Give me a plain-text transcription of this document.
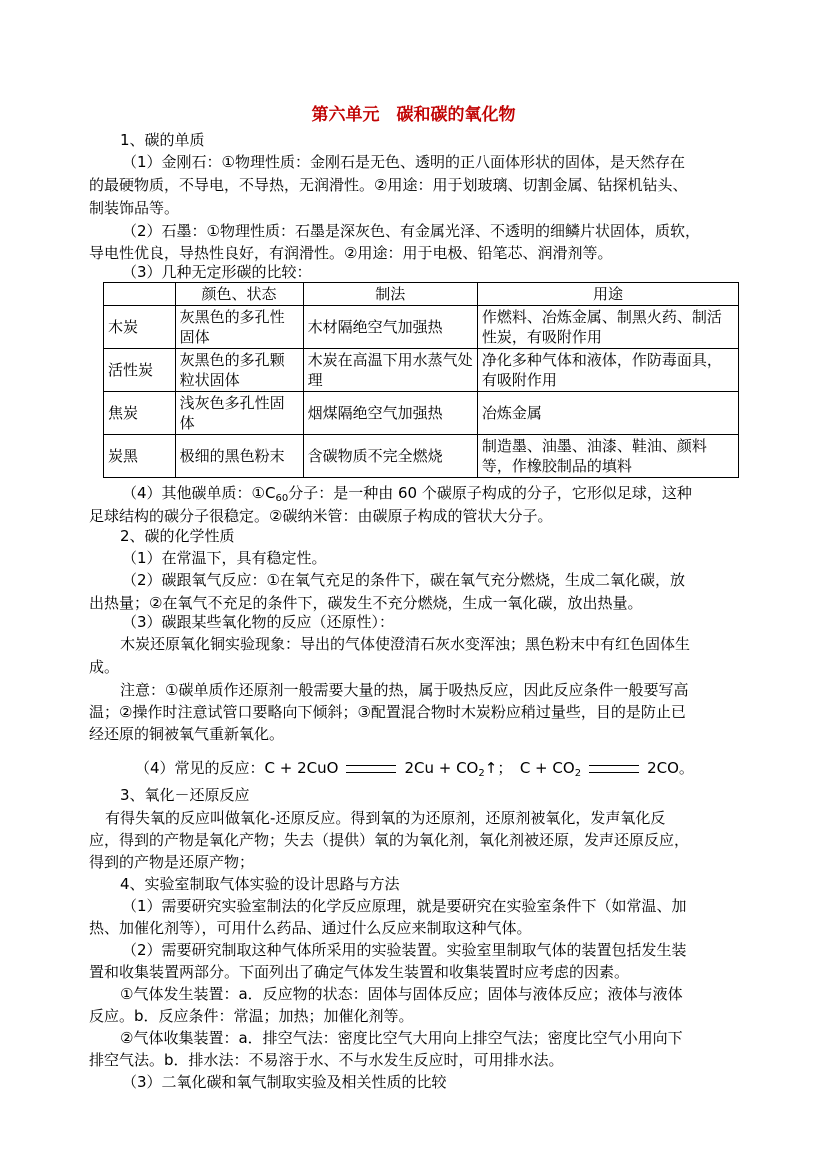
第六单元　碳和碳的氧化物
1、碳的单质
（1）金刚石：①物理性质：金刚石是无色、透明的正八面体形状的固体，是天然存在
的最硬物质，不导电，不导热，无润滑性。②用途：用于划玻璃、切割金属、钻探机钻头、
制装饰品等。
（2）石墨：①物理性质：石墨是深灰色、有金属光泽、不透明的细鳞片状固体，质软，
导电性优良，导热性良好，有润滑性。②用途：用于电极、铅笔芯、润滑剂等。
（3）几种无定形碳的比较：
	颜色、状态	制法	用途
木炭	灰黑色的多孔性固体	木材隔绝空气加强热	作燃料、冶炼金属、制黑火药、制活性炭，有吸附作用
活性炭	灰黑色的多孔颗粒状固体	木炭在高温下用水蒸气处理	净化多种气体和液体，作防毒面具，有吸附作用
焦炭	浅灰色多孔性固体	烟煤隔绝空气加强热	冶炼金属
炭黑	极细的黑色粉末	含碳物质不完全燃烧	制造墨、油墨、油漆、鞋油、颜料等，作橡胶制品的填料
（4）其他碳单质：$①C_{60}$分子：是一种由 60 个碳原子构成的分子，它形似足球，这种
足球结构的碳分子很稳定。②碳纳米管：由碳原子构成的管状大分子。
2、碳的化学性质
（1）在常温下，具有稳定性。
（2）碳跟氧气反应：①在氧气充足的条件下，碳在氧气充分燃烧，生成二氧化碳，放
出热量；②在氧气不充足的条件下，碳发生不充分燃烧，生成一氧化碳，放出热量。
（3）碳跟某些氧化物的反应（还原性）：
木炭还原氧化铜实验现象：导出的气体使澄清石灰水变浑浊；黑色粉末中有红色固体生
成。
注意：①碳单质作还原剂一般需要大量的热，属于吸热反应，因此反应条件一般要写高
温；②操作时注意试管口要略向下倾斜；③配置混合物时木炭粉应稍过量些，目的是防止已
经还原的铜被氧气重新氧化。
（4）常见的反应：C + 2CuO	$2Cu + CO_2↑$；　$C + CO_2$	2CO。
3、氧化－还原反应
有得失氧的反应叫做氧化-还原反应。得到氧的为还原剂，还原剂被氧化，发声氧化反
应，得到的产物是氧化产物；失去（提供）氧的为氧化剂，氧化剂被还原，发声还原反应，
得到的产物是还原产物；
4、实验室制取气体实验的设计思路与方法
（1）需要研究实验室制法的化学反应原理，就是要研究在实验室条件下（如常温、加
热、加催化剂等），可用什么药品、通过什么反应来制取这种气体。
（2）需要研究制取这种气体所采用的实验装置。实验室里制取气体的装置包括发生装
置和收集装置两部分。下面列出了确定气体发生装置和收集装置时应考虑的因素。
①气体发生装置：a．反应物的状态：固体与固体反应；固体与液体反应；液体与液体
反应。b．反应条件：常温；加热；加催化剂等。
②气体收集装置：a．排空气法：密度比空气大用向上排空气法；密度比空气小用向下
排空气法。b．排水法：不易溶于水、不与水发生反应时，可用排水法。
（3）二氧化碳和氧气制取实验及相关性质的比较
